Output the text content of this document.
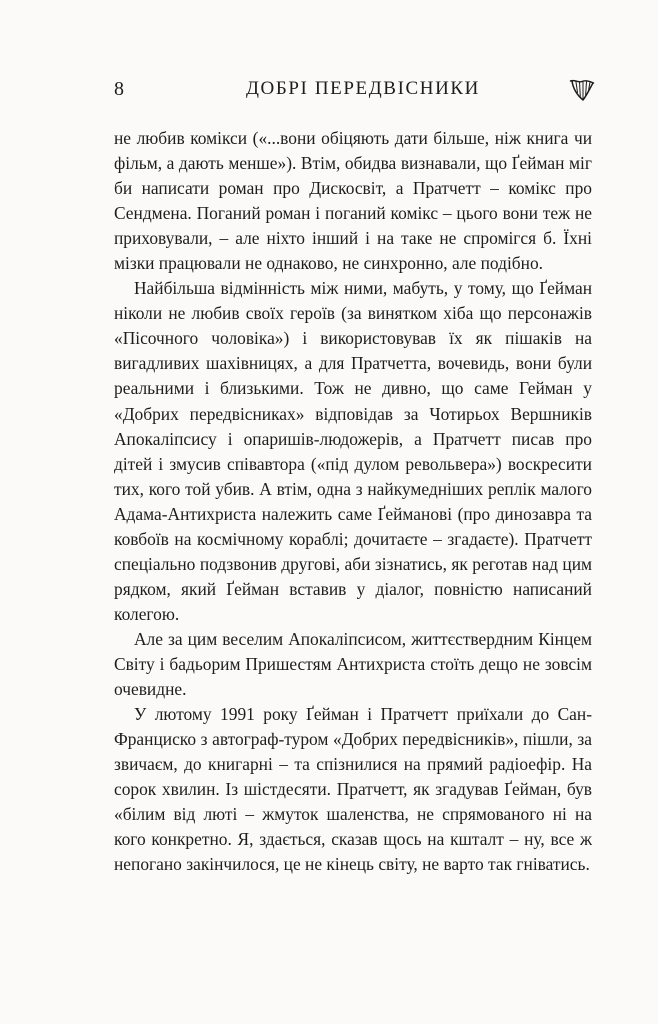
8	ДОБРІ ПЕРЕДВІСНИКИ

не любив комікси («...вони обіцяють дати більше, ніж книга чи фільм, а дають менше»). Втім, обидва визнавали, що Ґейман міг би написати роман про Дискосвіт, а Пратчетт – комікс про Сендмена. Поганий роман і поганий комікс – цього вони теж не приховували, – але ніхто інший і на таке не спромігся б. Їхні мізки працювали не однаково, не синхронно, але подібно.

Найбільша відмінність між ними, мабуть, у тому, що Ґейман ніколи не любив своїх героїв (за винятком хіба що персонажів «Пісочного чоловіка») і використовував їх як пішаків на вигадливих шахівницях, а для Пратчетта, вочевидь, вони були реальними і близькими. Тож не дивно, що саме Гейман у «Добрих передвісниках» відповідав за Чотирьох Вершників Апокаліпсису і опаришів-людожерів, а Пратчетт писав про дітей і змусив співавтора («під дулом револьвера») воскресити тих, кого той убив. А втім, одна з найкумедніших реплік малого Адама-Антихриста належить саме Ґейманові (про динозавра та ковбоїв на космічному кораблі; дочитаєте – згадаєте). Пратчетт спеціально подзвонив другові, аби зізнатись, як реготав над цим рядком, який Ґейман вставив у діалог, повністю написаний колегою.

Але за цим веселим Апокаліпсисом, життєствердним Кінцем Світу і бадьорим Пришестям Антихриста стоїть дещо не зовсім очевидне.

У лютому 1991 року Ґейман і Пратчетт приїхали до Сан-Франциско з автограф-туром «Добрих передвісників», пішли, за звичаєм, до книгарні – та спізнилися на прямий радіоефір. На сорок хвилин. Із шістдесяти. Пратчетт, як згадував Ґейман, був «білим від люті – жмуток шаленства, не спрямованого ні на кого конкретно. Я, здається, сказав щось на кшталт – ну, все ж непогано закінчилося, це не кінець світу, не варто так гніватись.
